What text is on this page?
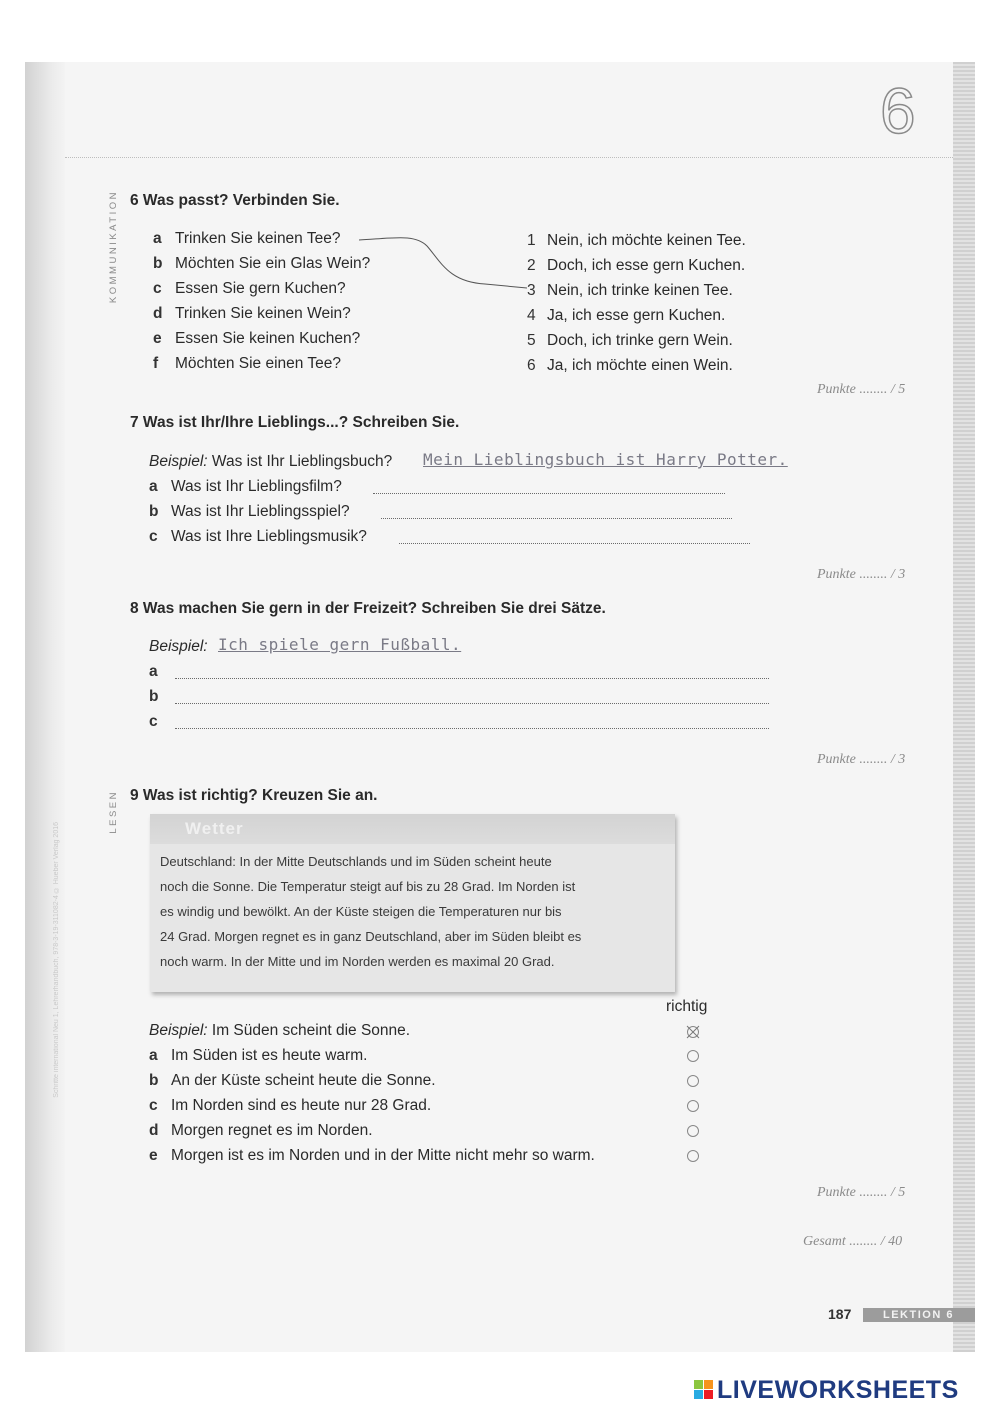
6
Schritte international Neu 1, Lehrerhandbuch, 978-3-19-311082-4 © Hueber Verlag 2016
KOMMUNIKATION 6 Was passt? Verbinden Sie.
a Trinken Sie keinen Tee?
b Möchten Sie ein Glas Wein?
c Essen Sie gern Kuchen?
d Trinken Sie keinen Wein?
e Essen Sie keinen Kuchen?
f Möchten Sie einen Tee?
1 Nein, ich möchte keinen Tee.
2 Doch, ich esse gern Kuchen.
3 Nein, ich trinke keinen Tee.
4 Ja, ich esse gern Kuchen.
5 Doch, ich trinke gern Wein.
6 Ja, ich möchte einen Wein.
Punkte ........ / 5
7 Was ist Ihr/Ihre Lieblings...? Schreiben Sie.
Beispiel: Was ist Ihr Lieblingsbuch? Mein Lieblingsbuch ist Harry Potter.
a Was ist Ihr Lieblingsfilm?
b Was ist Ihr Lieblingsspiel?
c Was ist Ihre Lieblingsmusik?
Punkte ........ / 3
8 Was machen Sie gern in der Freizeit? Schreiben Sie drei Sätze.
Beispiel: Ich spiele gern Fußball.
a
b
c
Punkte ........ / 3
LESEN 9 Was ist richtig? Kreuzen Sie an.
Wetter
Deutschland: In der Mitte Deutschlands und im Süden scheint heute
noch die Sonne. Die Temperatur steigt auf bis zu 28 Grad. Im Norden ist
es windig und bewölkt. An der Küste steigen die Temperaturen nur bis
24 Grad. Morgen regnet es in ganz Deutschland, aber im Süden bleibt es
noch warm. In der Mitte und im Norden werden es maximal 20 Grad.
richtig
Beispiel: Im Süden scheint die Sonne.
a Im Süden ist es heute warm.
b An der Küste scheint heute die Sonne.
c Im Norden sind es heute nur 28 Grad.
d Morgen regnet es im Norden.
e Morgen ist es im Norden und in der Mitte nicht mehr so warm.
Punkte ........ / 5
Gesamt ........ / 40
187	LEKTION 6
LIVEWORKSHEETS
